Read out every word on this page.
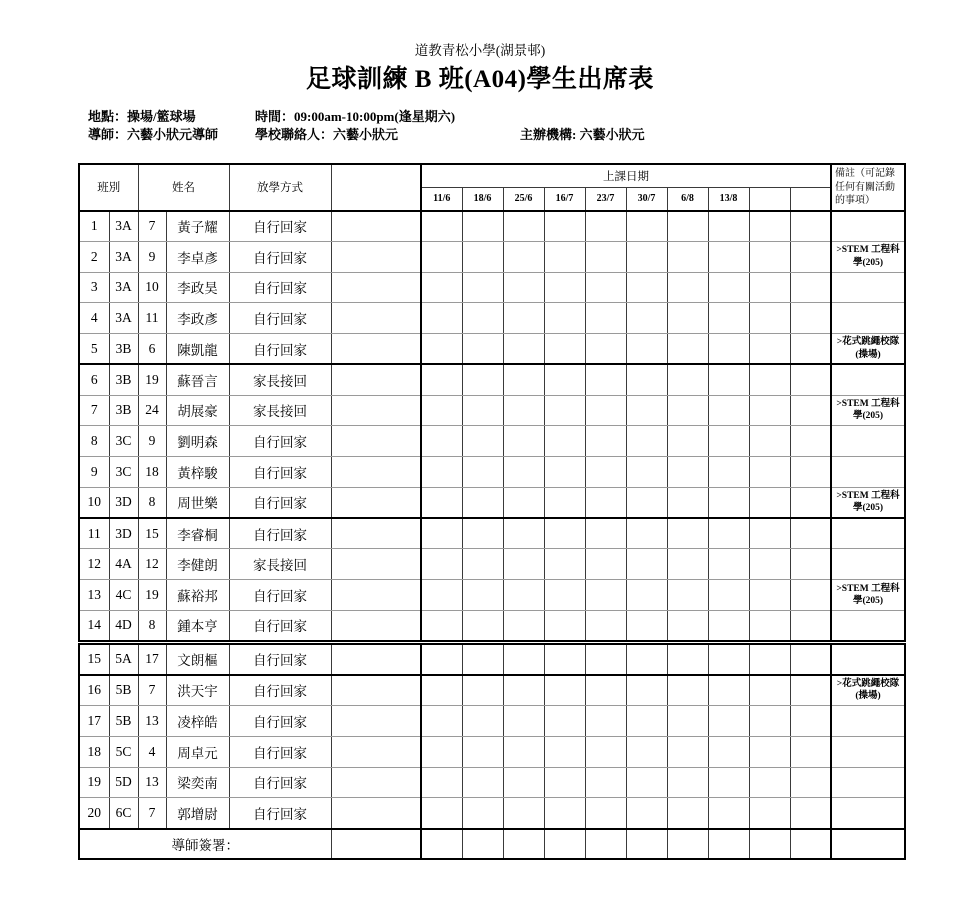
道教青松小學(湖景邨)
足球訓練 B 班(A04)學生出席表
地點：操場/籃球場	時間：09:00am-10:00pm(逢星期六)
導師：六藝小狀元導師	學校聯絡人：六藝小狀元	主辦機構: 六藝小狀元
班別		姓名		放學方式		上課日期										備註（可記錄任何有關活動的事項）
						11/6	18/6	25/6	16/7	23/7	30/7	6/8	13/8			
1	3A	7	黃子耀	自行回家												
2	3A	9	李卓彥	自行回家												>STEM 工程科學(205)
3	3A	10	李政昊	自行回家												
4	3A	11	李政彥	自行回家												
5	3B	6	陳凱龍	自行回家												>花式跳繩校隊(操場)
6	3B	19	蘇晉言	家長接回												
7	3B	24	胡展豪	家長接回												>STEM 工程科學(205)
8	3C	9	劉明森	自行回家												
9	3C	18	黃梓駿	自行回家												
10	3D	8	周世樂	自行回家												>STEM 工程科學(205)
11	3D	15	李睿桐	自行回家												
12	4A	12	李健朗	家長接回												
13	4C	19	蘇裕邦	自行回家												>STEM 工程科學(205)
14	4D	8	鍾本亨	自行回家												
15	5A	17	文朗樞	自行回家												
16	5B	7	洪天宇	自行回家												>花式跳繩校隊(操場)
17	5B	13	凌梓皓	自行回家												
18	5C	4	周卓元	自行回家												
19	5D	13	梁奕南	自行回家												
20	6C	7	郭增尉	自行回家												
導師簽署：																
